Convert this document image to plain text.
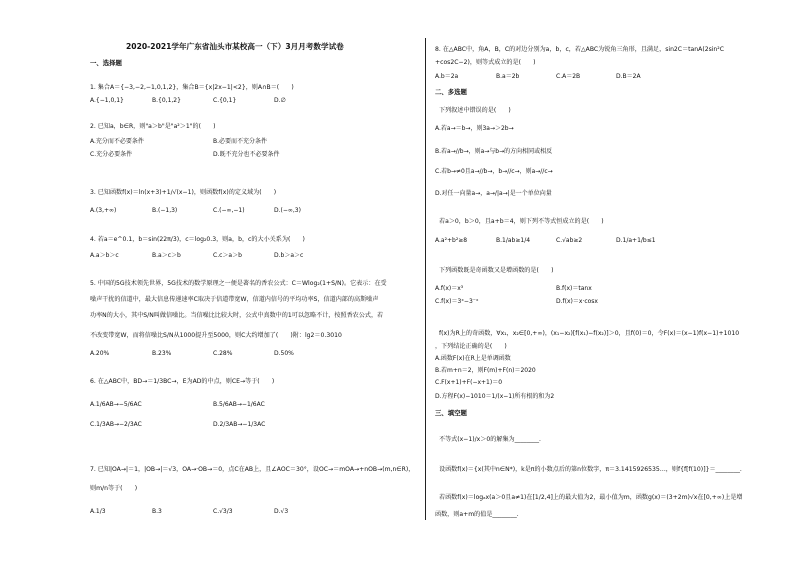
2020-2021学年广东省汕头市某校高一（下）3月月考数学试卷
一、选择题
1. 集合A＝{−3,−2,−1,0,1,2}，集合B＝{x|2x−1|<2}，则A∩B＝(　　)
A.{−1,0,1}	B.{0,1,2}	C.{0,1}	D.∅
2. 已知a，b∈R，则"a＞b"是"a²＞1"的(　　)
A.充分而不必要条件	B.必要而不充分条件
C.充分必要条件	D.既不充分也不必要条件
3. 已知函数f(x)＝ln(x+3)+1/√(x−1)，则函数f(x)的定义域为(　　)
A.(3,+∞)	B.(−1,3)	C.(−∞,−1)	D.(−∞,3)
4. 若a＝e^0.1，b＝sin(22π/3)，c＝log₂0.3，则a，b，c的大小关系为(　　)
A.a＞b＞c	B.a＞c＞b	C.c＞a＞b	D.b＞a＞c
5. 中国的5G技术领先世界，5G技术的数学原理之一便是著名的香农公式：C＝Wlog₂(1+S/N)。它表示：在受
噪声干扰的信道中，最大信息传递速率C取决于信道带宽W，信道内信号的平均功率S，信道内部的高斯噪声
功率N的大小，其中S/N叫做信噪比。当信噪比比较大时，公式中真数中的1可以忽略不计，按照香农公式，若
不改变带宽W，而将信噪比S/N从1000提升至5000，则C大约增加了(　　)附：lg2＝0.3010
A.20%	B.23%	C.28%	D.50%
6. 在△ABC中，BD→＝1/3BC→，E为AD的中点，则CE→等于(　　)
A.1/6AB→−5/6AC	B.5/6AB→−1/6AC
C.1/3AB→−2/3AC	D.2/3AB→−1/3AC
7. 已知|OA→|＝1，|OB→|＝√3，OA→·OB→＝0，点C在AB上，且∠AOC＝30°，设OC→＝mOA→+nOB→(m,n∈R)，
则m/n等于(　　)
A.1/3	B.3	C.√3/3	D.√3
8. 在△ABC中，角A，B，C的对边分别为a，b，c，若△ABC为锐角三角形，且满足，sin2C＝tanA(2sin²C
+cos2C−2)，则等式成立的是(　　)
A.b＝2a	B.a＝2b	C.A＝2B	D.B＝2A
二、多选题
下列叙述中错误的是(　　)
A.若a→＝b→，则3a→＞2b→
B.若a→//b→，则a→与b→的方向相同或相反
C.若b→≠0且a→//b→，b→//c→，则a→//c→
D.对任一向量a→，a→/|a→|是一个单位向量
若a＞0，b＞0，且a+b＝4，则下列不等式恒成立的是(　　)
A.a²+b²≥8	B.1/ab≥1/4	C.√ab≥2	D.1/a+1/b≤1
下列函数既是奇函数又是增函数的是(　　)
A.f(x)＝x³	B.f(x)＝tanx
C.f(x)＝3ˣ−3⁻ˣ	D.f(x)＝x·cosx
f(x)为R上的奇函数，∀x₁，x₂∈[0,+∞)，(x₁−x₂)[f(x₁)−f(x₂)]＞0，且f(0)＝0，令F(x)＝(x−1)f(x−1)+1010
，下列结论正确的是(　　)
A.函数F(x)在R上是单调函数
B.若m+n＝2，则F(m)+F(n)＝2020
C.F(x+1)+F(−x+1)＝0
D.方程F(x)−1010＝1/(x−1)所有根的和为2
三、填空题
不等式(x−1)/x＞0的解集为________.
设函数f(x)＝{x(其中n∈N*)，k是π的小数点后的第n位数字，π＝3.1415926535…，则f{f[f(10)]}＝________.
若函数f(x)＝logₐx(a＞0且a≠1)在[1/2,4]上的最大值为2，最小值为m，函数g(x)＝(3+2m)√x在[0,+∞)上是增
函数，则a+m的值是________.
